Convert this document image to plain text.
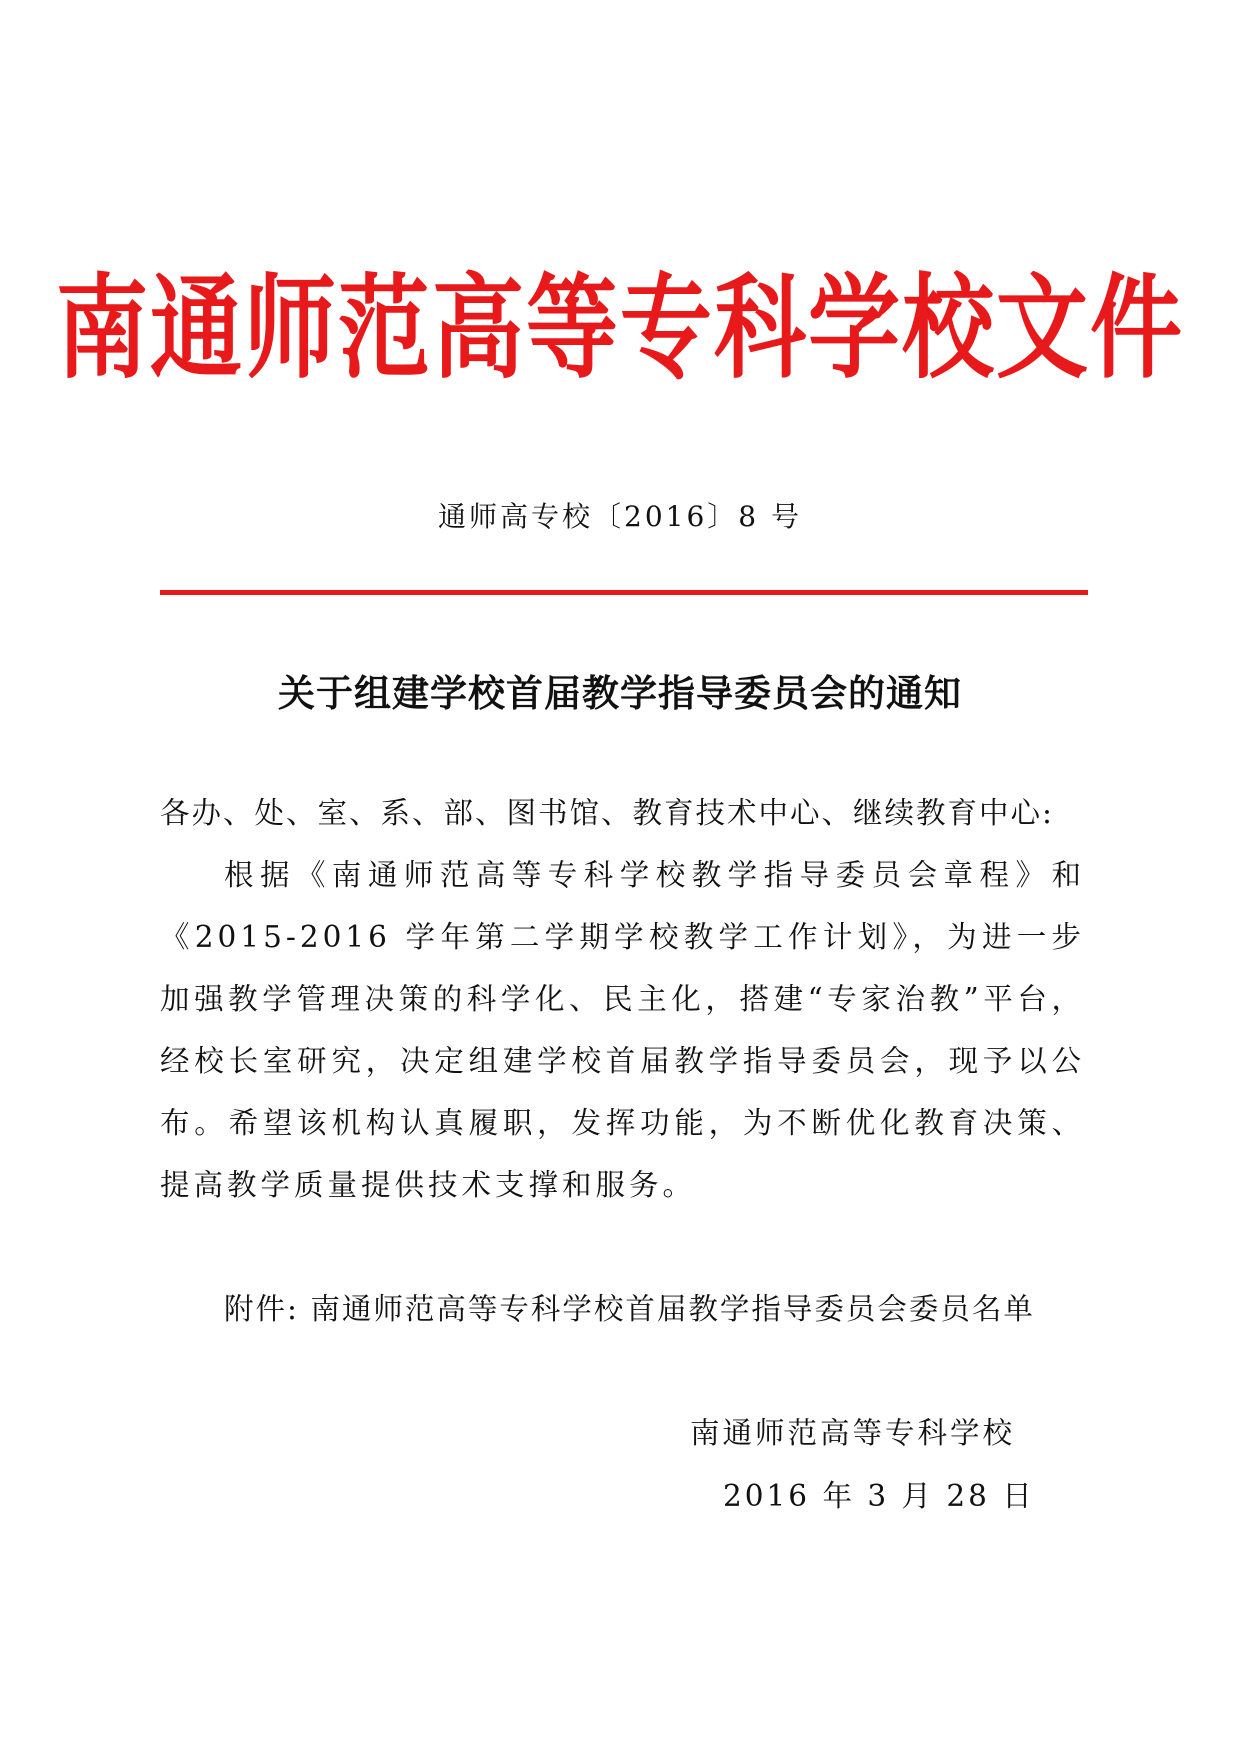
南通师范高等专科学校文件
通师高专校〔2016〕8 号
关于组建学校首届教学指导委员会的通知
各办、处、室、系、部、图书馆、教育技术中心、继续教育中心:
根据《南通师范高等专科学校教学指导委员会章程》和《2015-2016 学年第二学期学校教学工作计划》，为进一步加强教学管理决策的科学化、民主化，搭建“专家治教”平台，经校长室研究，决定组建学校首届教学指导委员会，现予以公布。希望该机构认真履职，发挥功能，为不断优化教育决策、提高教学质量提供技术支撑和服务。
附件: 南通师范高等专科学校首届教学指导委员会委员名单
南通师范高等专科学校
2016 年 3 月 28 日
